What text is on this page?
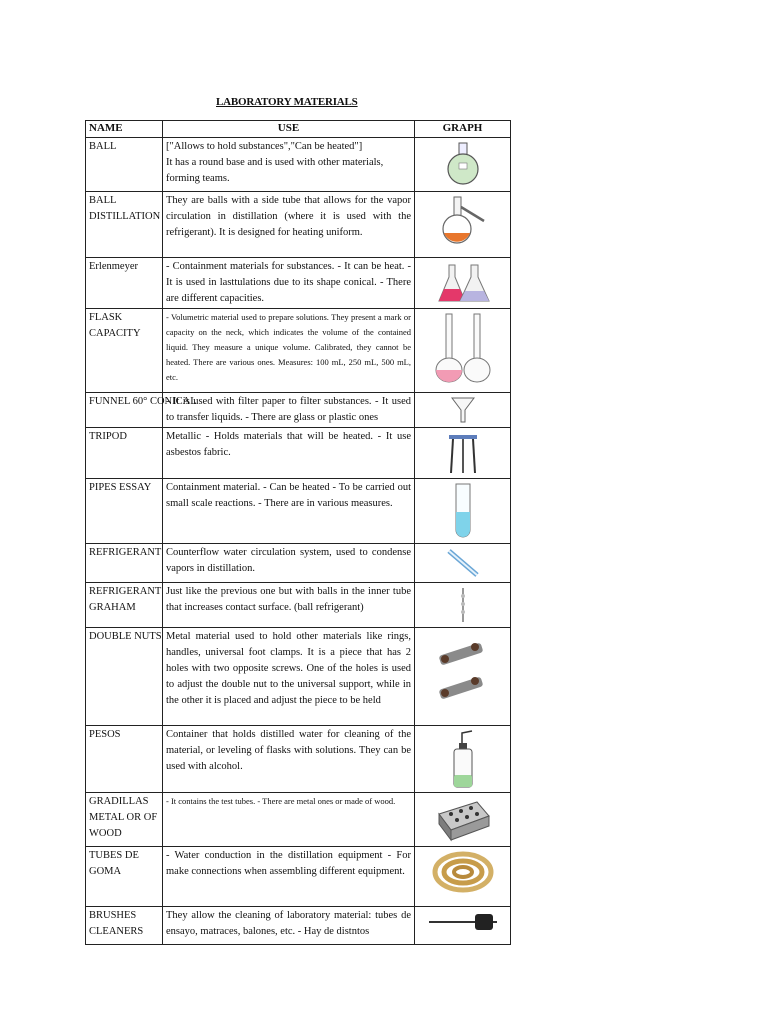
LABORATORY MATERIALS
NAME	USE	GRAPH
BALL	["Allows to hold substances","Can be heated"]
It has a round base and is used with other materials, forming teams.	

BALL DISTILLATION	They are balls with a side tube that allows for the vapor circulation in distillation (where it is used with the refrigerant). It is designed for heating uniform.	

Erlenmeyer	- Containment materials for substances. - It can be heat. - It is used in lasttulations due to its shape conical. - There are different capacities.	

FLASK CAPACITY	- Volumetric material used to prepare solutions. They present a mark or capacity on the neck, which indicates the volume of the contained liquid. They measure a unique volume. Calibrated, they cannot be heated. There are various ones. Measures: 100 mL, 250 mL, 500 mL, etc.	

FUNNEL 60° CONICAL	- It is used with filter paper to filter substances. - It used to transfer liquids. - There are glass or plastic ones	

TRIPOD	Metallic - Holds materials that will be heated. - It use asbestos fabric.	

PIPES ESSAY	Containment material. - Can be heated - To be carried out small scale reactions. - There are in various measures.	

REFRIGERANT	Counterflow water circulation system, used to condense vapors in distillation.	

REFRIGERANT GRAHAM	Just like the previous one but with balls in the inner tube that increases contact surface. (ball refrigerant)	

DOUBLE NUTS	Metal material used to hold other materials like rings, handles, universal foot clamps. It is a piece that has 2 holes with two opposite screws. One of the holes is used to adjust the double nut to the universal support, while in the other it is placed and adjust the piece to be held	

PESOS	Container that holds distilled water for cleaning of the material, or leveling of flasks with solutions. They can be used with alcohol.	

GRADILLAS METAL OR OF WOOD	- It contains the test tubes. - There are metal ones or made of wood.	

TUBES DE GOMA	- Water conduction in the distillation equipment - For make connections when assembling different equipment.	

BRUSHES CLEANERS	They allow the cleaning of laboratory material: tubes de ensayo, matraces, balones, etc. - Hay de distntos	
